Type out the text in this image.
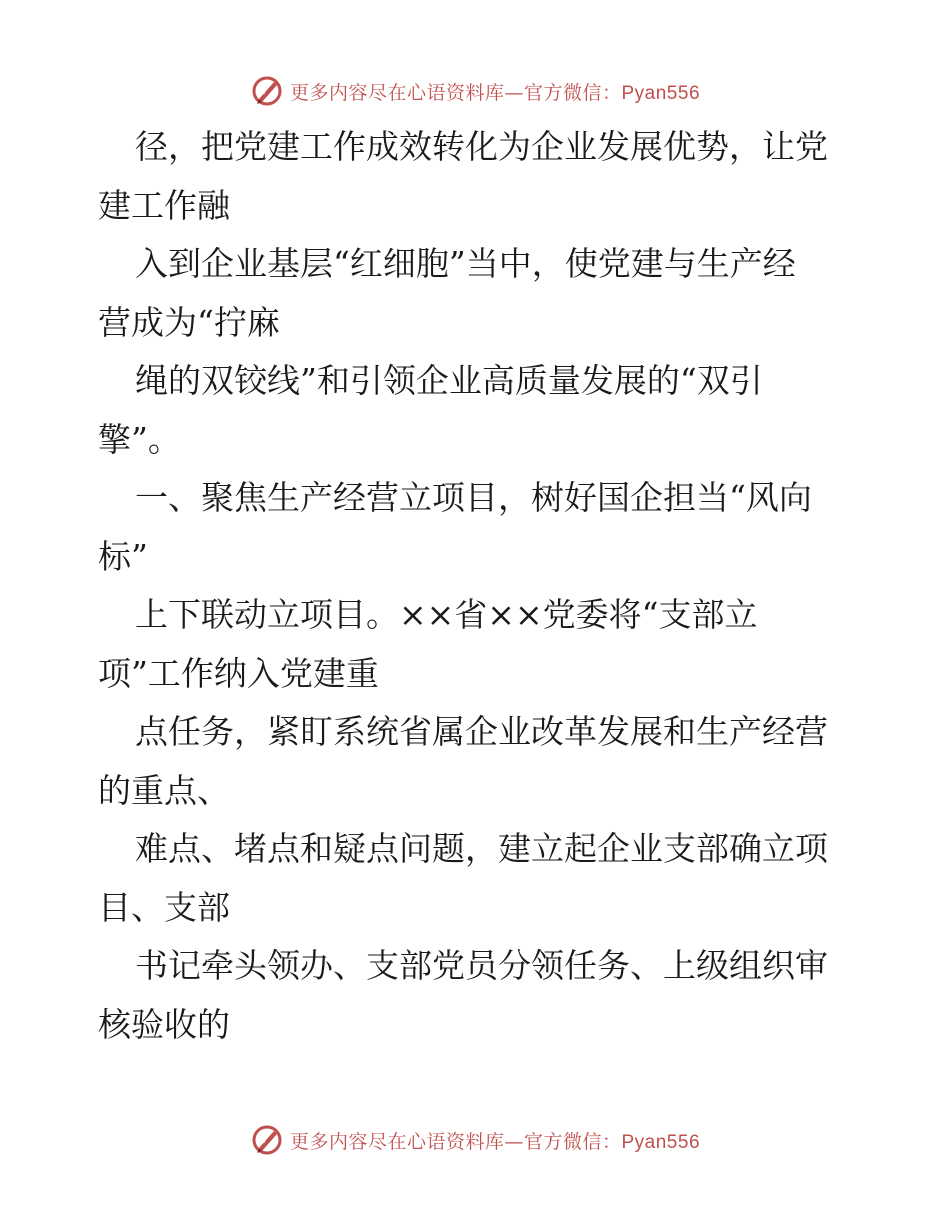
更多内容尽在心语资料库—官方微信：Pyan556
径，把党建工作成效转化为企业发展优势，让党
建工作融
入到企业基层“红细胞”当中，使党建与生产经
营成为“拧麻
绳的双铰线”和引领企业高质量发展的“双引
擎”。
一、聚焦生产经营立项目，树好国企担当“风向
标”
上下联动立项目。××省××党委将“支部立
项”工作纳入党建重
点任务，紧盯系统省属企业改革发展和生产经营
的重点、
难点、堵点和疑点问题，建立起企业支部确立项
目、支部
书记牵头领办、支部党员分领任务、上级组织审
核验收的
更多内容尽在心语资料库—官方微信：Pyan556
